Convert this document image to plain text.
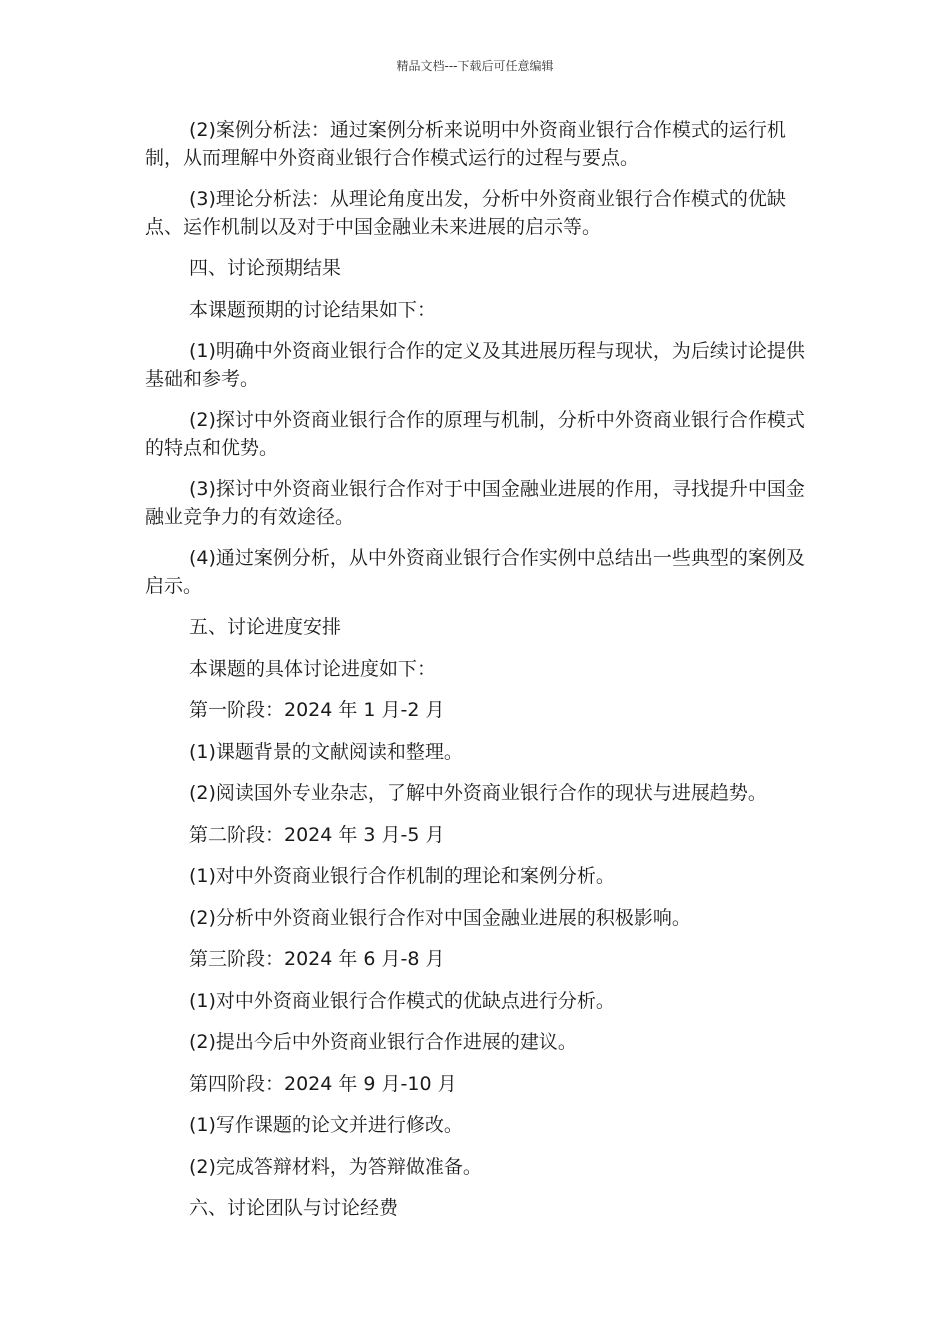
精品文档---下载后可任意编辑

(2)案例分析法：通过案例分析来说明中外资商业银行合作模式的运行机制，从而理解中外资商业银行合作模式运行的过程与要点。

(3)理论分析法：从理论角度出发，分析中外资商业银行合作模式的优缺点、运作机制以及对于中国金融业未来进展的启示等。

四、讨论预期结果

本课题预期的讨论结果如下：

(1)明确中外资商业银行合作的定义及其进展历程与现状，为后续讨论提供基础和参考。

(2)探讨中外资商业银行合作的原理与机制，分析中外资商业银行合作模式的特点和优势。

(3)探讨中外资商业银行合作对于中国金融业进展的作用，寻找提升中国金融业竞争力的有效途径。

(4)通过案例分析，从中外资商业银行合作实例中总结出一些典型的案例及启示。

五、讨论进度安排

本课题的具体讨论进度如下：

第一阶段：2024 年 1 月-2 月

(1)课题背景的文献阅读和整理。

(2)阅读国外专业杂志，了解中外资商业银行合作的现状与进展趋势。

第二阶段：2024 年 3 月-5 月

(1)对中外资商业银行合作机制的理论和案例分析。

(2)分析中外资商业银行合作对中国金融业进展的积极影响。

第三阶段：2024 年 6 月-8 月

(1)对中外资商业银行合作模式的优缺点进行分析。

(2)提出今后中外资商业银行合作进展的建议。

第四阶段：2024 年 9 月-10 月

(1)写作课题的论文并进行修改。

(2)完成答辩材料，为答辩做准备。

六、讨论团队与讨论经费
